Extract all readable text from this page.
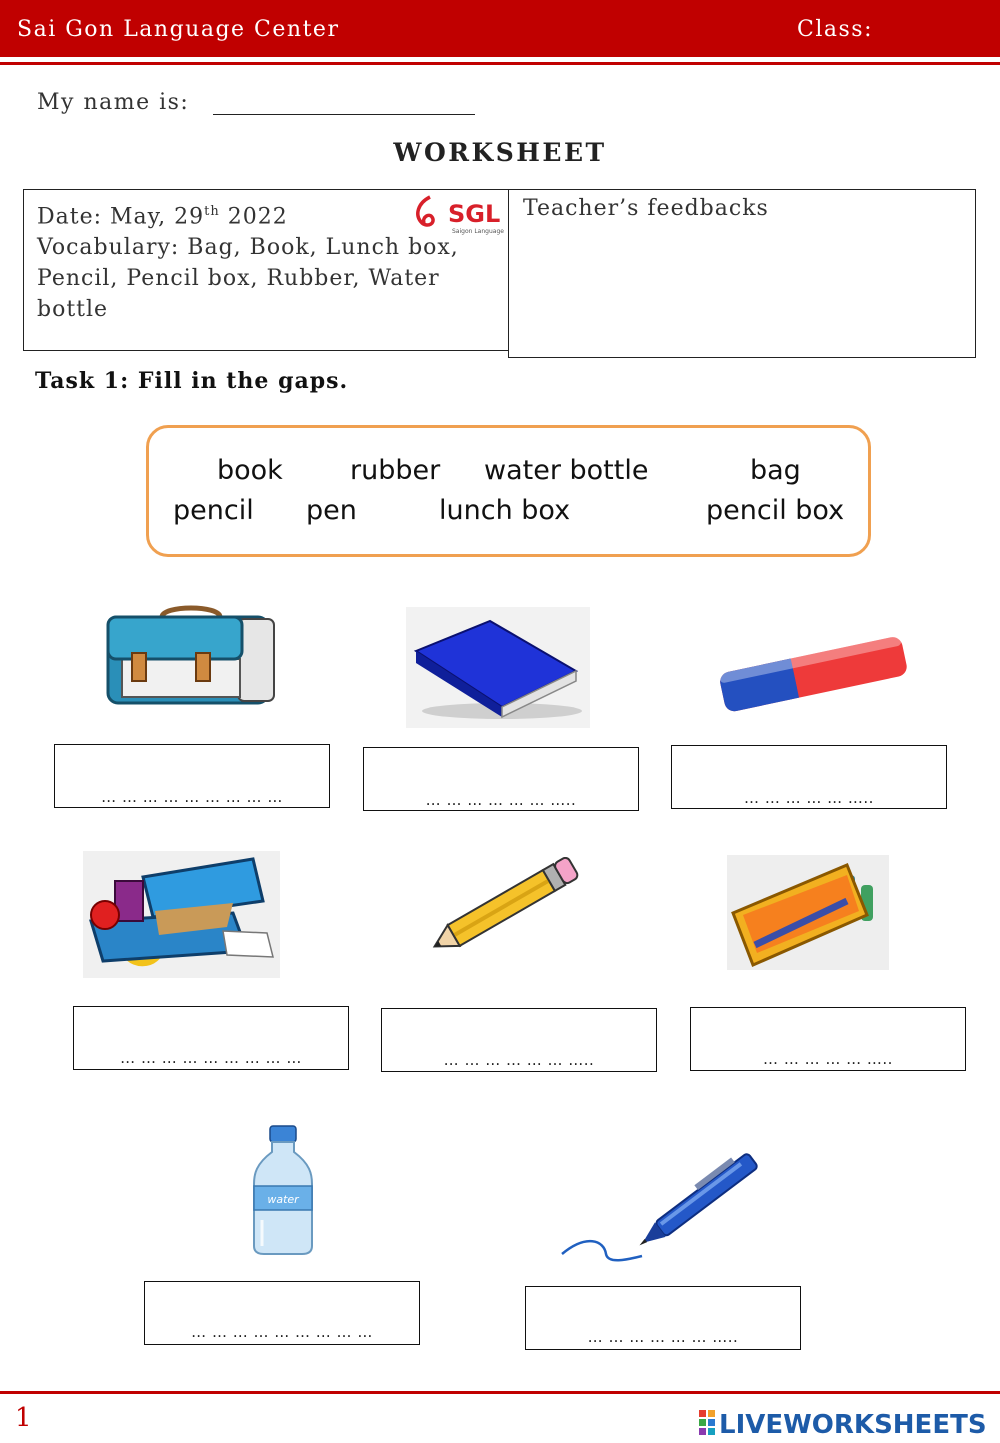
Sai Gon Language Center	Class:
My name is:
WORKSHEET
Date: May, 29th 2022
Vocabulary: Bag, Book, Lunch box,
Pencil, Pencil box, Rubber, Water
bottle
SGL
Saigon Language
Teacher’s feedbacks
Task 1: Fill in the gaps.
book rubber water bottle	bag
pencil pen	lunch box	pencil box
… … … … … … … … …	… … … … … … …..	… … … … … …..
… … … … … … … … …	… … … … … … …..	… … … … … …..
water
… … … … … … … … …	… … … … … … …..
1	LIVEWORKSHEETS
